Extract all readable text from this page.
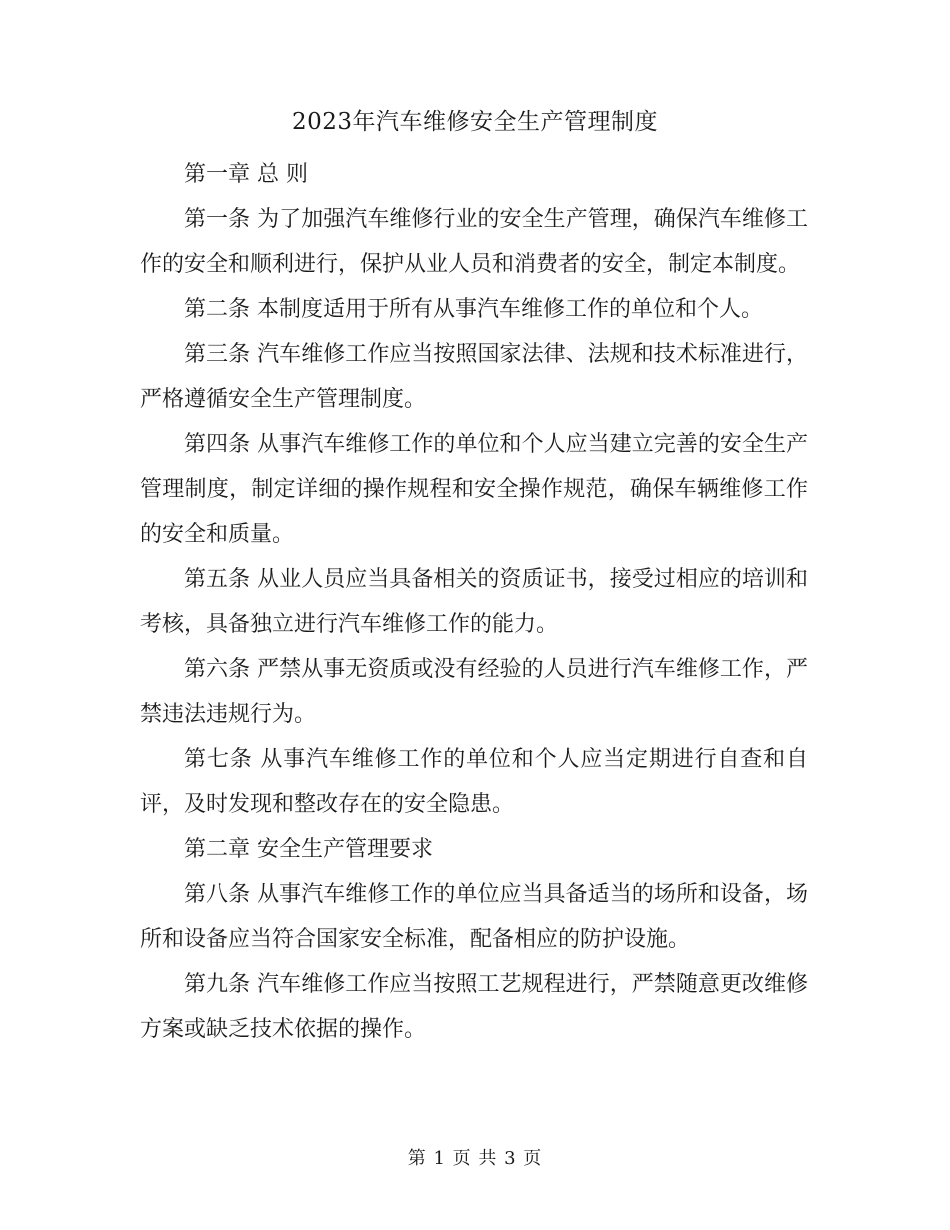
2023年汽车维修安全生产管理制度

第一章 总 则

第一条 为了加强汽车维修行业的安全生产管理，确保汽车维修工作的安全和顺利进行，保护从业人员和消费者的安全，制定本制度。

第二条 本制度适用于所有从事汽车维修工作的单位和个人。

第三条 汽车维修工作应当按照国家法律、法规和技术标准进行，严格遵循安全生产管理制度。

第四条 从事汽车维修工作的单位和个人应当建立完善的安全生产管理制度，制定详细的操作规程和安全操作规范，确保车辆维修工作的安全和质量。

第五条 从业人员应当具备相关的资质证书，接受过相应的培训和考核，具备独立进行汽车维修工作的能力。

第六条 严禁从事无资质或没有经验的人员进行汽车维修工作，严禁违法违规行为。

第七条 从事汽车维修工作的单位和个人应当定期进行自查和自评，及时发现和整改存在的安全隐患。

第二章 安全生产管理要求

第八条 从事汽车维修工作的单位应当具备适当的场所和设备，场所和设备应当符合国家安全标准，配备相应的防护设施。

第九条 汽车维修工作应当按照工艺规程进行，严禁随意更改维修方案或缺乏技术依据的操作。

第 1 页 共 3 页
